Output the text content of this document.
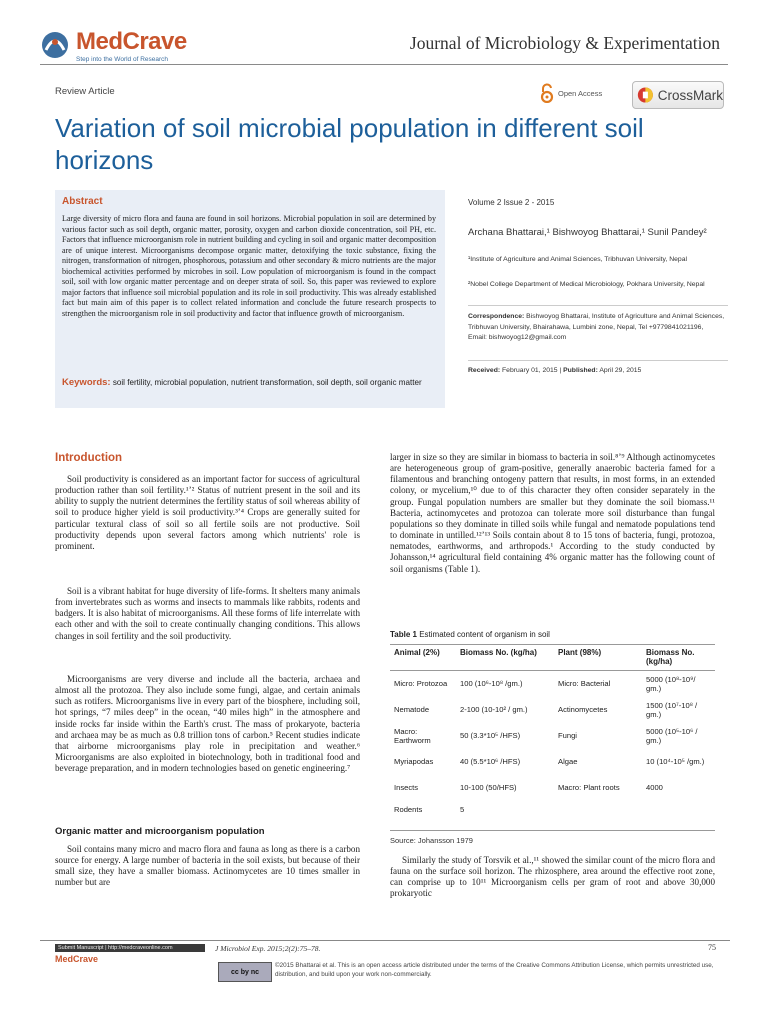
MedCrave
Step into the World of Research
Journal of Microbiology & Experimentation
Review Article	Open Access	CrossMark
Variation of soil microbial population in different soil horizons
Abstract
Large diversity of micro flora and fauna are found in soil horizons. Microbial population in soil are determined by various factor such as soil depth, organic matter, porosity, oxygen and carbon dioxide concentration, soil PH, etc. Factors that influence microorganism role in nutrient building and cycling in soil and organic matter decomposition are of unique interest. Microorganisms decompose organic matter, detoxifying the toxic substance, fixing the nitrogen, transformation of nitrogen, phosphorous, potassium and other secondary & micro nutrients are the major biochemical activities performed by microbes in soil. Low population of microorganism is found in the compact soil, soil with low organic matter percentage and on deeper strata of soil. So, this paper was reviewed to explore major factors that influence soil microbial population and its role in soil productivity. This was already established fact but main aim of this paper is to collect related information and conclude the future research prospects to strengthen the microorganism role in soil productivity and factor that influence growth of microorganism.
Keywords: soil fertility, microbial population, nutrient transformation, soil depth, soil organic matter
Volume 2 Issue 2 - 2015
Archana Bhattarai,¹ Bishwoyog Bhattarai,¹ Sunil Pandey²
¹Institute of Agriculture and Animal Sciences, Tribhuvan University, Nepal
²Nobel College Department of Medical Microbiology, Pokhara University, Nepal
Correspondence: Bishwoyog Bhattarai, Institute of Agriculture and Animal Sciences, Tribhuvan University, Bhairahawa, Lumbini zone, Nepal, Tel +9779841021196,
Email: bishwoyog12@gmail.com
Received: February 01, 2015 | Published: April 29, 2015
Introduction
Soil productivity is considered as an important factor for success of agricultural production rather than soil fertility.¹ʼ² Status of nutrient present in the soil and its ability to supply the nutrient determines the fertility status of soil whereas ability of soil to produce higher yield is soil productivity.³ʼ⁴ Crops are generally suited for particular textural class of soil so all fertile soils are not productive. Soil productivity depends upon several factors among which nutrients' role is prominent.
Soil is a vibrant habitat for huge diversity of life-forms. It shelters many animals from invertebrates such as worms and insects to mammals like rabbits, rodents and badgers. It is also habitat of microorganisms. All these forms of life interrelate with each other and with the soil to create continually changing conditions. This allows changes in soil fertility and the soil productivity.
Microorganisms are very diverse and include all the bacteria, archaea and almost all the protozoa. They also include some fungi, algae, and certain animals such as rotifers. Microorganisms live in every part of the biosphere, including soil, hot springs, “7 miles deep” in the ocean, “40 miles high” in the atmosphere and inside rocks far inside within the Earth's crust. The mass of prokaryote, bacteria and archaea may be as much as 0.8 trillion tons of carbon.⁵ Recent studies indicate that airborne microorganisms play role in precipitation and weather.⁶ Microorganisms are also exploited in biotechnology, both in traditional food and beverage preparation, and in modern technologies based on genetic engineering.⁷
Organic matter and microorganism population
Soil contains many micro and macro flora and fauna as long as there is a carbon source for energy. A large number of bacteria in the soil exists, but because of their small size, they have a smaller biomass. Actinomycetes are 10 times smaller in number but are
larger in size so they are similar in biomass to bacteria in soil.⁸ʼ⁹ Although actinomycetes are heterogeneous group of gram-positive, generally anaerobic bacteria famed for a filamentous and branching ontogeny pattern that results, in most forms, in an extended colony, or mycelium,¹⁰ due to of this character they often consider separately in the group. Fungal population numbers are smaller but they dominate the soil biomass.¹¹ Bacteria, actinomycetes and protozoa can tolerate more soil disturbance than fungal populations so they dominate in tilled soils while fungal and nematode populations tend to dominate in untilled.¹²ʼ¹³ Soils contain about 8 to 15 tons of bacteria, fungi, protozoa, nematodes, earthworms, and arthropods.¹ According to the study conducted by Johansson,¹⁴ agricultural field containing 4% organic matter has the following count of soil organisms (Table 1).
Table 1 Estimated content of organism in soil
Animal (2%)	Biomass No. (kg/ha)	Plant (98%)	Biomass No. (kg/ha)
Micro: Protozoa	100 (10⁶-10⁸ /gm.)	Micro: Bacterial	5000 (10⁸-10⁹/ gm.)
Nematode	2-100 (10-10² / gm.)	Actinomycetes	1500 (10⁷-10⁸ / gm.)
Macro: Earthworm	50 (3.3*10⁵ /HFS)	Fungi	5000 (10⁵-10⁶ / gm.)
Myriapodas	40 (5.5*10⁶ /HFS)	Algae	10 (10⁴-10⁵ /gm.)
Insects	10-100 (50/HFS)	Macro: Plant roots	4000
Rodents	5		
Source: Johansson 1979
Similarly the study of Torsvik et al.,¹¹ showed the similar count of the micro flora and fauna on the surface soil horizon. The rhizosphere, area around the effective root zone, can comprise up to 10¹¹ Microorganism cells per gram of root and above 30,000 prokaryotic
Submit Manuscript | http://medcraveonline.com
MedCrave
J Microbiol Exp. 2015;2(2):75–78.	75
cc by nc
©2015 Bhattarai et al. This is an open access article distributed under the terms of the Creative Commons Attribution License, which permits unrestricted use, distribution, and build upon your work non-commercially.
